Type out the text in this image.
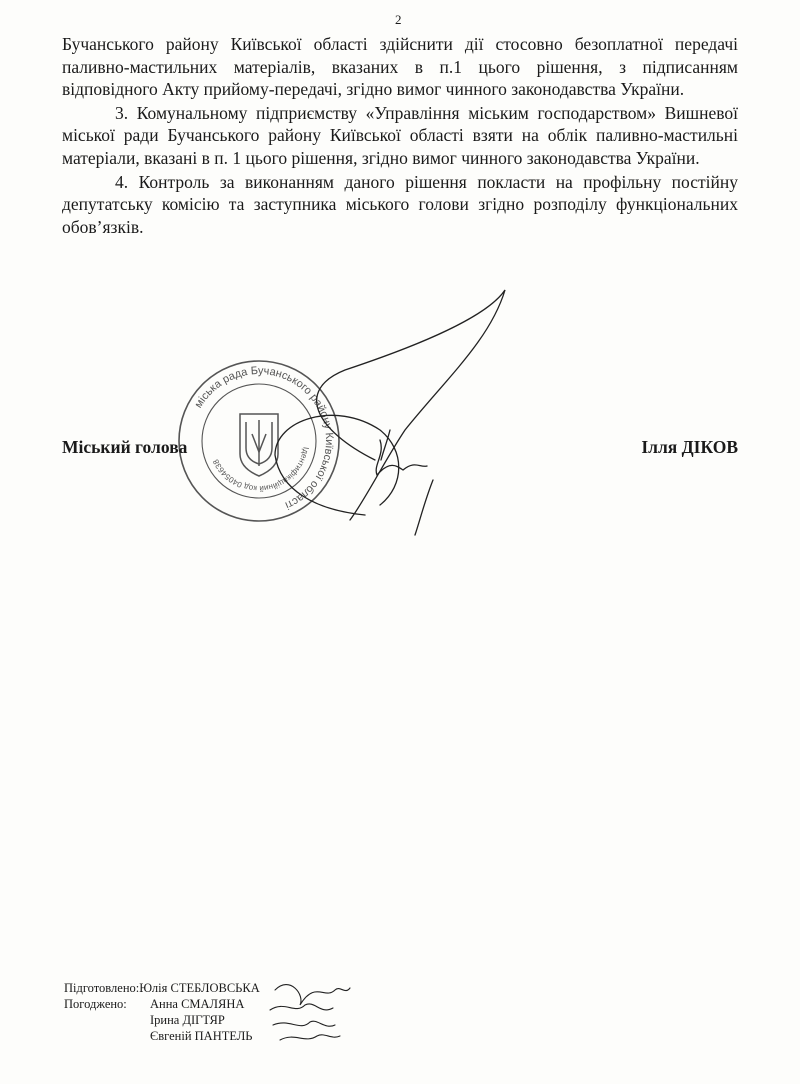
2

Бучанського району Київської області здійснити дії стосовно безоплатної передачі паливно-мастильних матеріалів, вказаних в п.1 цього рішення, з підписанням відповідного Акту прийому-передачі, згідно вимог чинного законодавства України.

3. Комунальному підприємству «Управління міським господарством» Вишневої міської ради Бучанського району Київської області взяти на облік паливно-мастильні матеріали, вказані в п. 1 цього рішення, згідно вимог чинного законодавства України.

4. Контроль за виконанням даного рішення покласти на профільну постійну депутатську комісію та заступника міського голови згідно розподілу функціональних обов’язків.

міська рада Бучанського району Київської області
Ідентифікаційний код 04054638
Міський голова	Ілля ДІКОВ
Підготовлено: Юлія СТЕБЛОВСЬКА
Погоджено:	Анна СМАЛЯНА
Ірина ДІГТЯР
Євгеній ПАНТЕЛЬ
